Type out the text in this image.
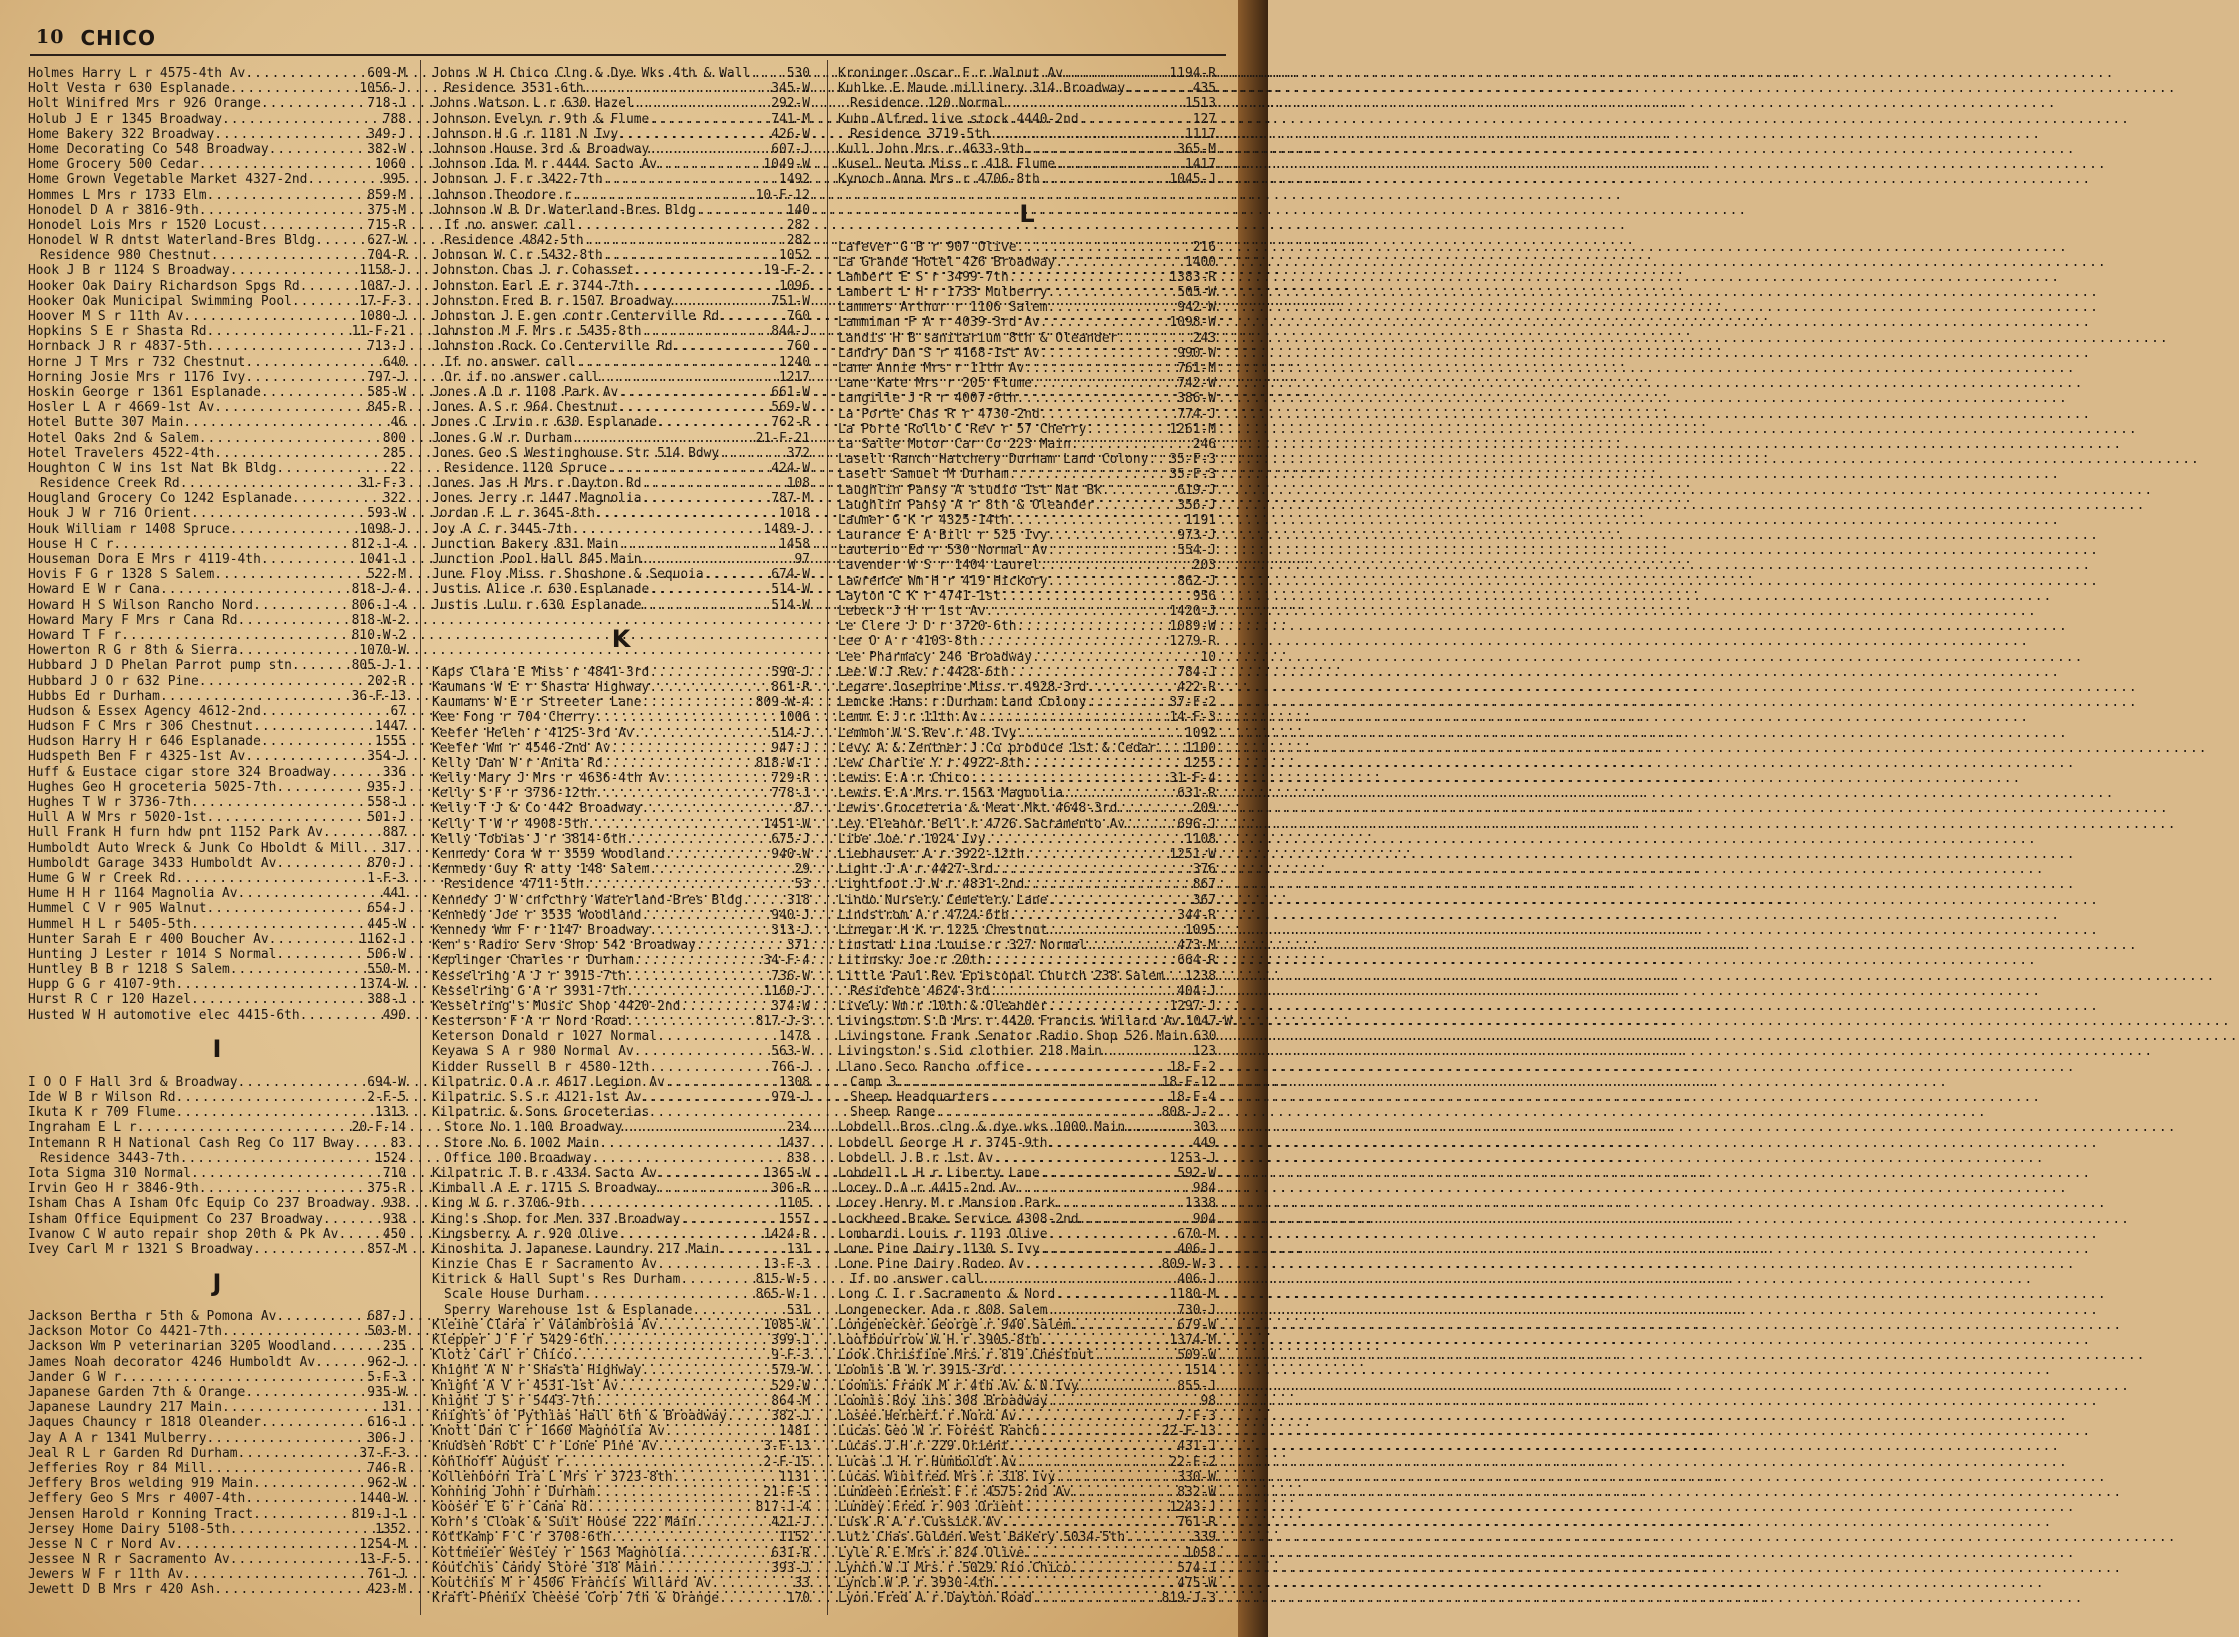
10 CHICO
Holmes Harry L r 4575-4th Av .....	609-M
Holt Vesta r 630 Esplanade .....	1056-J
Holt Winifred Mrs r 926 Orange .....	718-J
Holub J E r 1345 Broadway .....	788
Home Bakery 322 Broadway .....	349-J
Home Decorating Co 548 Broadway .....	382-W
Home Grocery 500 Cedar .....	1060
Home Grown Vegetable Market 4327-2nd .....	995
Hommes L Mrs r 1733 Elm .....	859-M
Honodel D A r 3816-9th .....	375-M
Honodel Lois Mrs r 1520 Locust .....	715-R
Honodel W R dntst Waterland-Bres Bldg .....	627-W
Residence 980 Chestnut .....	704-R
Hook J B r 1124 S Broadway .....	1158-J
Hooker Oak Dairy Richardson Spgs Rd .....	1087-J
Hooker Oak Municipal Swimming Pool .....	17-F-3
Hoover M S r 11th Av .....	1080-J
Hopkins S E r Shasta Rd .....	11-F-21
Hornback J R r 4837-5th .....	713-J
Horne J T Mrs r 732 Chestnut .....	640
Horning Josie Mrs r 1176 Ivy .....	797-J
Hoskin George r 1361 Esplanade .....	585-W
Hosler L A r 4669-1st Av .....	845-R
Hotel Butte 307 Main .....	46
Hotel Oaks 2nd & Salem .....	800
Hotel Travelers 4522-4th .....	285
Houghton C W ins 1st Nat Bk Bldg .....	22
Residence Creek Rd .....	31-F-3
Hougland Grocery Co 1242 Esplanade .....	322
Houk J W r 716 Orient .....	593-W
Houk William r 1408 Spruce .....	1098-J
House H C r .....	812-J-4
Houseman Dora E Mrs r 4119-4th .....	1041-J
Hovis F G r 1328 S Salem .....	522-M
Howard E W r Cana .....	818-J-4
Howard H S Wilson Rancho Nord .....	806-J-4
Howard Mary F Mrs r Cana Rd .....	818-W-2
Howard T F r .....	810-W-2
Howerton R G r 8th & Sierra .....	1070-W
Hubbard J D Phelan Parrot pump stn .....	805-J-1
Hubbard J O r 632 Pine .....	202-R
Hubbs Ed r Durham .....	36-F-13
Hudson & Essex Agency 4612-2nd .....	67
Hudson F C Mrs r 306 Chestnut .....	1447
Hudson Harry H r 646 Esplanade .....	1555
Hudspeth Ben F r 4325-1st Av .....	354-J
Huff & Eustace cigar store 324 Broadway .....	336
Hughes Geo H groceteria 5025-7th .....	935-J
Hughes T W r 3736-7th .....	558-J
Hull A W Mrs r 5020-1st .....	501-J
Hull Frank H furn hdw pnt 1152 Park Av .....	887
Humboldt Auto Wreck & Junk Co Hboldt & Mill ..... 317
Humboldt Garage 3433 Humboldt Av .....	870-J
Hume G W r Creek Rd .....	1-F-3
Hume H H r 1164 Magnolia Av .....	441
Hummel C V r 905 Walnut .....	654-J
Hummel H L r 5405-5th .....	445-W
Hunter Sarah E r 400 Boucher Av .....	1162-J
Hunting J Lester r 1014 S Normal .....	506-W
Huntley B B r 1218 S Salem .....	550-M
Hupp G G r 4107-9th .....	1374-W
Hurst R C r 120 Hazel .....	388-J
Husted W H automotive elec 4415-6th .....	490
I
I O O F Hall 3rd & Broadway .....	694-W
Ide W B r Wilson Rd .....	2-F-5
Ikuta K r 709 Flume .....	1313
Ingraham E L r .....	20-F-14
Intemann R H National Cash Reg Co 117 Bway .....	83
Residence 3443-7th .....	1524
Iota Sigma 310 Normal .....	710
Irvin Geo H r 3846-9th .....	375-R
Isham Chas A Isham Ofc Equip Co 237 Broadway ..... 938
Isham Office Equipment Co 237 Broadway .....	938
Ivanow C W auto repair shop 20th & Pk Av .....	450
Ivey Carl M r 1321 S Broadway .....	857-M
J
Jackson Bertha r 5th & Pomona Av .....	687-J
Jackson Motor Co 4421-7th .....	503-M
Jackson Wm P veterinarian 3205 Woodland .....	235
James Noah decorator 4246 Humboldt Av .....	962-J
Jander G W r .....	5-F-3
Japanese Garden 7th & Orange .....	935-W
Japanese Laundry 217 Main .....	131
Jaques Chauncy r 1818 Oleander .....	616-J
Jay A A r 1341 Mulberry .....	306-J
Jeal R L r Garden Rd Durham .....	37-F-3
Jefferies Roy r 84 Mill .....	746-R
Jeffery Bros welding 919 Main .....	962-W
Jeffery Geo S Mrs r 4007-4th .....	1440-W
Jensen Harold r Konning Tract .....	819-J-1
Jersey Home Dairy 5108-5th .....	1352
Jesse N C r Nord Av .....	1254-M
Jessee N R r Sacramento Av .....	13-F-5
Jewers W F r 11th Av .....	761-J
Jewett D B Mrs r 420 Ash .....	423-M
Johns W H Chico Clng & Dye Wks 4th & Wall .....	530
Residence 3531-6th .....	345-W
Johns Watson L r 630 Hazel .....	292-W
Johnson Evelyn r 9th & Flume .....	741-M
Johnson H G r 1181 N Ivy .....	426-W
Johnson House 3rd & Broadway .....	607-J
Johnson Ida M r 4444 Sacto Av .....	1049-W
Johnson J F r 3422-7th .....	1492
Johnson Theodore r .....	10-F-12
Johnson W B Dr Waterland-Bres Bldg .....	140
If no answer call .....	282
Residence 4842-5th .....	282
Johnson W C r 5432-8th .....	1052
Johnston Chas J r Cohasset .....	19-F-2
Johnston Earl E r 3744-7th .....	1096
Johnston Fred B r 1507 Broadway .....	751-W
Johnston J E gen contr Centerville Rd .....	760
Johnston M F Mrs r 5435-8th .....	844-J
Johnston Rock Co Centerville Rd .....	760
If no answer call .....	1240
Or if no answer call .....	1217
Jones A D r 1108 Park Av .....	661-W
Jones A S r 964 Chestnut .....	569-W
Jones C Irvin r 630 Esplanade .....	762-R
Jones G W r Durham .....	21-F-21
Jones Geo S Westinghouse Str 514 Bdwy .....	372
Residence 1120 Spruce .....	424-W
Jones Jas H Mrs r Dayton Rd .....	108
Jones Jerry r 1447 Magnolia .....	787-M
Jordan F L r 3645-8th .....	1018
Joy A C r 3445-7th .....	1489-J
Junction Bakery 831 Main .....	1458
Junction Pool Hall 845 Main .....	97
June Floy Miss r Shoshone & Sequoia .....	674-W
Justis Alice r 630 Esplanade .....	514-W
Justis Lulu r 630 Esplanade .....	514-W
K
Kaps Clara E Miss r 4841-3rd .....	590-J
Kaumans W E r Shasta Highway .....	861-R
Kaumans W E r Streeter Lane .....	809-W-4
Kee Fong r 704 Cherry .....	1006
Keefer Helen r 4125-3rd Av .....	514-J
Keefer Wm r 4546-2nd Av .....	947-J
Kelly Dan W r Anita Rd .....	818-W-1
Kelly Mary J Mrs r 4636-4th Av .....	729-R
Kelly S F r 3736-12th .....	778-J
Kelly T J & Co 442 Broadway .....	87
Kelly T W r 4908-5th .....	1451-W
Kelly Tobias J r 3814-6th .....	675-J
Kennedy Cora W r 3559 Woodland .....	940-W
Kennedy Guy R atty 148 Salem .....	29
Residence 4711-5th .....	53
Kennedy J W cnfctnry Waterland-Bres Bldg .....	318
Kennedy Joe r 3535 Woodland .....	940-J
Kennedy Wm F r 1147 Broadway .....	313-J
Ken's Radio Serv Shop 542 Broadway .....	371
Keplinger Charles r Durham .....	34-F-4
Kesselring A J r 3915-7th .....	736-W
Kesselring G A r 3931-7th .....	1160-J
Kesselring's Music Shop 4420-2nd .....	374-W
Kesterson F A r Nord Road .....	817-J-3
Keterson Donald r 1027 Normal .....	1478
Keyawa S A r 980 Normal Av .....	563-W
Kidder Russell B r 4580-12th .....	766-J
Kilpatric O A r 4617 Legion Av .....	1308
Kilpatric S S r 4121-1st Av .....	979-J
Kilpatric & Sons Groceterias
Store No 1 100 Broadway .....	234
Store No 6 1002 Main .....	1437
Office 100 Broadway .....	838
Kilpatric T B r 4334 Sacto Av .....	1365-W
Kimball A E r 1715 S Broadway .....	306-R
King W G r 3706-9th .....	1105
King's Shop for Men 337 Broadway .....	1557
Kingsberry A r 920 Olive .....	1424-R
Kinoshita J Japanese Laundry 217 Main .....	131
Kinzie Chas E r Sacramento Av .....	13-F-3
Kitrick & Hall Supt's Res Durham .....	815-W-5
Scale House Durham .....	865-W-1
Sperry Warehouse 1st & Esplanade .....	531
Kleine Clara r Valambrosia Av .....	1085-W
Klepper J F r 5429-6th .....	399-J
Klotz Carl r Chico .....	9-F-3
Knight A N r Shasta Highway .....	579-W
Knight A V r 4531-1st Av .....	529-W
Knight J S r 5443-7th .....	864-M
Knights of Pythias Hall 6th & Broadway .....	382-J
Knott Dan C r 1660 Magnolia Av .....	1481
Knudsen Robt C r Lone Pine Av .....	3-F-13
Kohlhoff August r .....	2-F-15
Kollenborn Ira L Mrs r 3723-8th .....	1131
Konning John r Durham .....	21-F-5
Kooser E G r Cana Rd .....	817-J-4
Korn's Cloak & Suit House 222 Main .....	421-J
Kottkamp F C r 3708-6th .....	1152
Kottmeier Wesley r 1563 Magnolia .....	631-R
Koutchis Candy Store 318 Main .....	393-J
Koutchis M r 4506 Francis Willard Av .....	33
Kraft-Phenix Cheese Corp 7th & Orange .....	170
Kroninger Oscar F r Walnut Av .....	1194-R
Kuhlke E Maude millinery 314 Broadway .....	435
Residence 120 Normal .....	1513
Kuhn Alfred live stock 4440-2nd .....	127
Residence 3719-5th .....	1117
Kull John Mrs r 4633-9th .....	365-M
Kusel Neuta Miss r 418 Flume .....	1417
Kynoch Anna Mrs r 4706-8th .....	1045-J
L
Lafever G B r 907 Olive .....	216
La Grande Hotel 426 Broadway .....	1400
Lambert E S r 3499-7th .....	1383-R
Lambert L H r 1733 Mulberry .....	505-W
Lammers Arthur r 1106 Salem .....	942-W
Lammiman F A r 4039-3rd Av .....	1098-W
Landis H B sanitarium 8th & Oleander .....	243
Landry Dan S r 4168-1st Av .....	990-W
Lane Annie Mrs r 11th Av .....	761-M
Lane Kate Mrs r 205 Flume .....	742-W
Langille J R r 4007-6th .....	386-W
La Porte Chas R r 4730-2nd .....	774-J
La Porte Rollo C Rev r 57 Cherry .....	1261-M
La Salle Motor Car Co 223 Main .....	246
Lasell Ranch Hatchery Durham Land Colony ..... 35-F-3
Lasell Samuel M Durham .....	35-F-3
Laughlin Pansy A studio 1st Nat Bk .....	619-J
Laughlin Pansy A r 8th & Oleander .....	356-J
Laumer G K r 4325-14th .....	1191
Laurance E A Bill r 525 Ivy .....	973-J
Lauterio Ed r 530 Normal Av .....	554-J
Lavender W S r 1404 Laurel .....	203
Lawrence Wm H r 419 Hickory .....	862-J
Layton C K r 4741-1st .....	956
Lebeck J H r 1st Av .....	1420-J
Le Clere J D r 3720-6th .....	1089-W
Lee O A r 4103-8th .....	1279-R
Lee Pharmacy 246 Broadway .....	10
Lee W J Rev r 4428-6th .....	784-J
Legare Josephine Miss r 4928-3rd .....	422-R
Lemcke Hans r Durham Land Colony .....	37-F-2
Lemm E J r 11th Av .....	14-F-3
Lemmon W S Rev r 48 Ivy .....	1092
Levy A & Zentner J Co produce 1st & Cedar ..... 1100
Lew Charlie Y r 4922-8th .....	1255
Lewis E A r Chico .....	31-F-4
Lewis E A Mrs r 1563 Magnolia .....	631-R
Lewis Groceteria & Meat Mkt 4648-3rd .....	209
Ley Eleanor Bell r 4726 Sacramento Av .....	696-J
Libe Joe r 1024 Ivy .....	1108
Liebhauser A r 3922-12th .....	1251-W
Light J A r 4427-3rd .....	376
Lightfoot J W r 4831-2nd .....	867
Lindo Nursery Cemetery Lane .....	367
Lindstrom A r 4724-6th .....	344-R
Linegar H K r 1225 Chestnut .....	1095
Linstad Lina Louise r 327 Normal .....	473-M
Litinsky Joe r 20th .....	664-R
Little Paul Rev Episcopal Church 238 Salem ..... 1238
Residence 4624-3rd .....	404-J
Lively Wm r 10th & Oleander .....	1297-J
Livingston S D Mrs r 4420 Francis Willard Av ..... 1047-W
Livingstone Frank Senator Radio Shop 526 Main ..... 630
Livingston's Sid clothier 218 Main .....	123
Llano Seco Rancho office .....	18-F-2
Camp 3 .....	18-F-12
Sheep Headquarters .....	18-F-4
Sheep Range .....	808-J-2
Lobdell Bros clng & dye wks 1000 Main .....	303
Lobdell George H r 3745-9th .....	449
Lobdell J B r 1st Av .....	1253-J
Lobdell L H r Liberty Lane .....	592-W
Locey D A r 4415-2nd Av .....	984
Locey Henry M r Mansion Park .....	1338
Lockheed Brake Service 4308-2nd .....	904
Lombardi Louis r 1193 Olive .....	670-M
Lone Pine Dairy 1130 S Ivy .....	406-J
Lone Pine Dairy Rodeo Av .....	809-W-3
If no answer call .....	406-J
Long C I r Sacramento & Nord .....	1180-M
Longenecker Ada r 808 Salem .....	730-J
Longenecker George r 940 Salem .....	679-W
Loofbourrow W H r 3905-8th .....	1374-M
Look Christine Mrs r 819 Chestnut .....	509-W
Loomis B W r 3915-3rd .....	1514
Loomis Frank M r 4th Av & N Ivy .....	855-J
Loomis Roy ins 308 Broadway .....	98
Losee Herbert r Nord Av .....	7-F-3
Lucas Geo W r Forest Ranch .....	22-F-13
Lucas J H r 229 Orient .....	431-J
Lucas J H r Humboldt Av .....	22-F-2
Lucas Winifred Mrs r 318 Ivy .....	330-W
Lundeen Ernest F r 4575-2nd Av .....	832-W
Lundey Fred r 903 Orient .....	1243-J
Lusk R A r Cussick Av .....	761-R
Lutz Chas Golden West Bakery 5034-5th .....	339
Lyle R E Mrs r 824 Olive .....	1058
Lynch W J Mrs r 5029 Rio Chico .....	574-J
Lynch W P r 3930-4th .....	475-W
Lyon Fred A r Dayton Road .....	819-J-3
